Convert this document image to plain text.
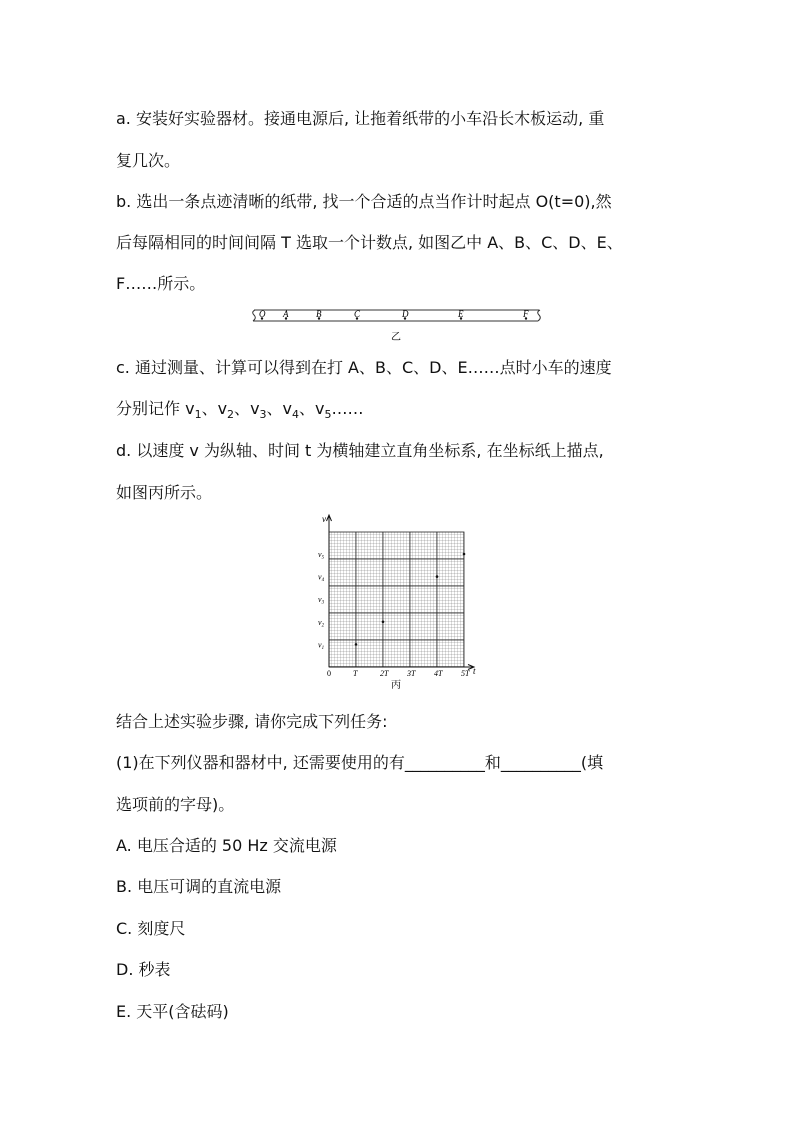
a. 安装好实验器材。接通电源后, 让拖着纸带的小车沿长木板运动, 重
复几次。
b. 选出一条点迹清晰的纸带, 找一个合适的点当作计时起点 O(t=0),然
后每隔相同的时间间隔 T 选取一个计数点, 如图乙中 A、B、C、D、E、
F……所示。
O A	B	C	D	E	F
乙
c. 通过测量、计算可以得到在打 A、B、C、D、E……点时小车的速度
分别记作 $v_1$、$v_2$、$v_3$、$v_4$、$v_5\dots\dots$
d. 以速度 v 为纵轴、时间 t 为横轴建立直角坐标系, 在坐标纸上描点,
如图丙所示。
0	T	2T 3T 4T 5T
v1
v2
v3
v4
v5
v
t
丙
结合上述实验步骤, 请你完成下列任务:
(1)在下列仪器和器材中, 还需要使用的有__________和__________(填
选项前的字母)。
A. 电压合适的 50 Hz 交流电源
B. 电压可调的直流电源
C. 刻度尺
D. 秒表
E. 天平(含砝码)
